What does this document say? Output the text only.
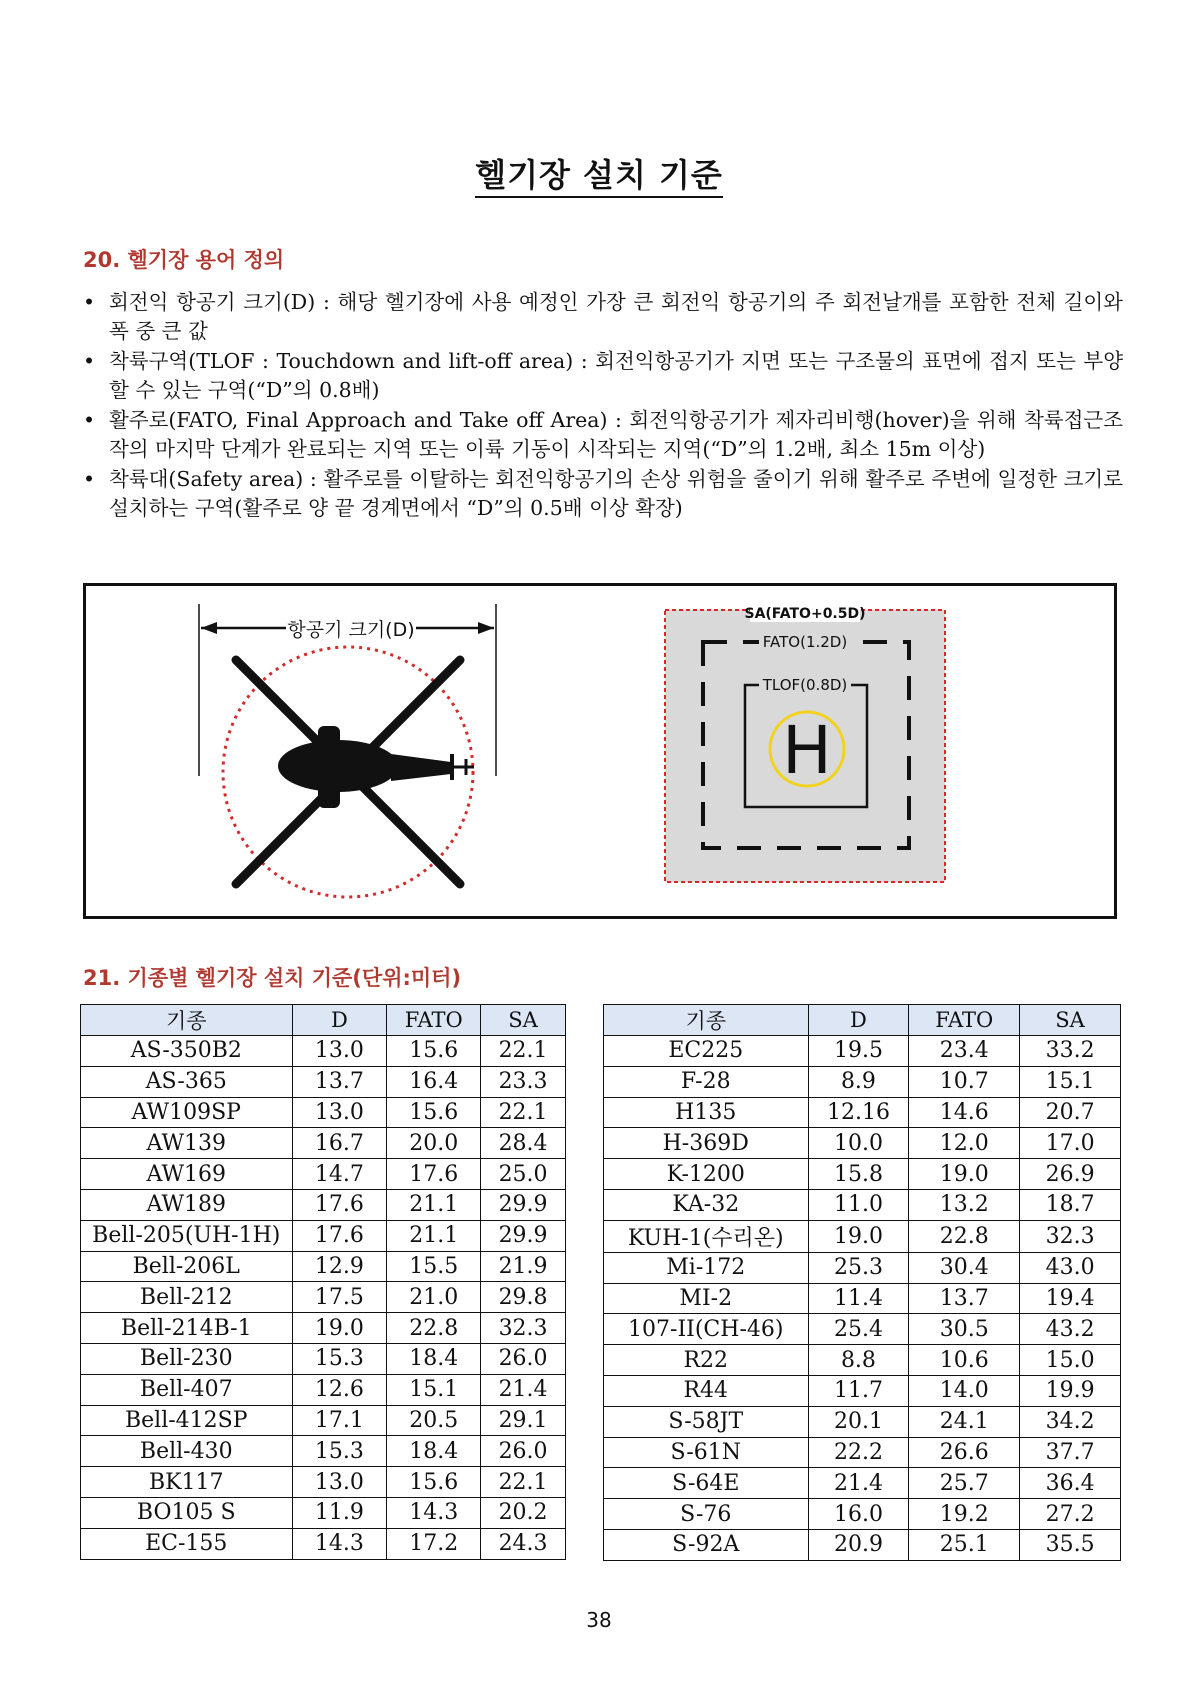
헬기장 설치 기준
20. 헬기장 용어 정의
• 회전익 항공기 크기(D) : 해당 헬기장에 사용 예정인 가장 큰 회전익 항공기의 주 회전날개를 포함한 전체 길이와 폭 중 큰 값
• 착륙구역(TLOF : Touchdown and lift-off area) : 회전익항공기가 지면 또는 구조물의 표면에 접지 또는 부양할 수 있는 구역(“D”의 0.8배)
• 활주로(FATO, Final Approach and Take off Area) : 회전익항공기가 제자리비행(hover)을 위해 착륙접근조작의 마지막 단계가 완료되는 지역 또는 이륙 기동이 시작되는 지역(“D”의 1.2배, 최소 15m 이상)
• 착륙대(Safety area) : 활주로를 이탈하는 회전익항공기의 손상 위험을 줄이기 위해 활주로 주변에 일정한 크기로 설치하는 구역(활주로 양 끝 경계면에서 “D”의 0.5배 이상 확장)
항공기 크기(D)
SA(FATO+0.5D)
FATO(1.2D)
TLOF(0.8D)
H
21. 기종별 헬기장 설치 기준(단위:미터)
기종	D	FATO	SA
AS-350B2	13.0	15.6	22.1
AS-365	13.7	16.4	23.3
AW109SP	13.0	15.6	22.1
AW139	16.7	20.0	28.4
AW169	14.7	17.6	25.0
AW189	17.6	21.1	29.9
Bell-205(UH-1H)	17.6	21.1	29.9
Bell-206L	12.9	15.5	21.9
Bell-212	17.5	21.0	29.8
Bell-214B-1	19.0	22.8	32.3
Bell-230	15.3	18.4	26.0
Bell-407	12.6	15.1	21.4
Bell-412SP	17.1	20.5	29.1
Bell-430	15.3	18.4	26.0
BK117	13.0	15.6	22.1
BO105 S	11.9	14.3	20.2
EC-155	14.3	17.2	24.3
기종	D	FATO	SA
EC225	19.5	23.4	33.2
F-28	8.9	10.7	15.1
H135	12.16	14.6	20.7
H-369D	10.0	12.0	17.0
K-1200	15.8	19.0	26.9
KA-32	11.0	13.2	18.7
KUH-1(수리온)	19.0	22.8	32.3
Mi-172	25.3	30.4	43.0
MI-2	11.4	13.7	19.4
107-II(CH-46)	25.4	30.5	43.2
R22	8.8	10.6	15.0
R44	11.7	14.0	19.9
S-58JT	20.1	24.1	34.2
S-61N	22.2	26.6	37.7
S-64E	21.4	25.7	36.4
S-76	16.0	19.2	27.2
S-92A	20.9	25.1	35.5
38
